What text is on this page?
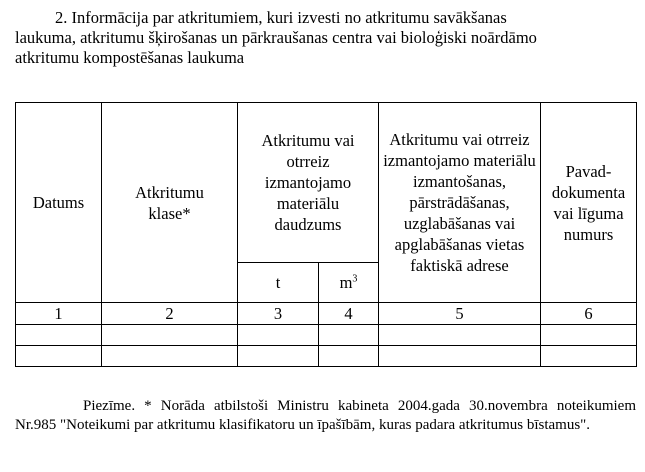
2. Informācija par atkritumiem, kuri izvesti no atkritumu savākšanas
laukuma, atkritumu šķirošanas un pārkraušanas centra vai bioloģiski noārdāmo
atkritumu kompostēšanas laukuma
Datums	Atkritumu klase*	Atkritumu vai otrreiz izmantojamo materiālu daudzums		Atkritumu vai otrreiz izmantojamo materiālu izmantošanas, pārstrādāšanas, uzglabāšanas vai apglabāšanas vietas faktiskā adrese	Pavad-dokumenta vai līguma numurs
		t	$m^3$
1	2	3	4	5	6

Piezīme. * Norāda atbilstoši Ministru kabineta 2004.gada 30.novembra noteikumiem Nr.985 "Noteikumi par atkritumu klasifikatoru un īpašībām, kuras padara atkritumus bīstamus".
